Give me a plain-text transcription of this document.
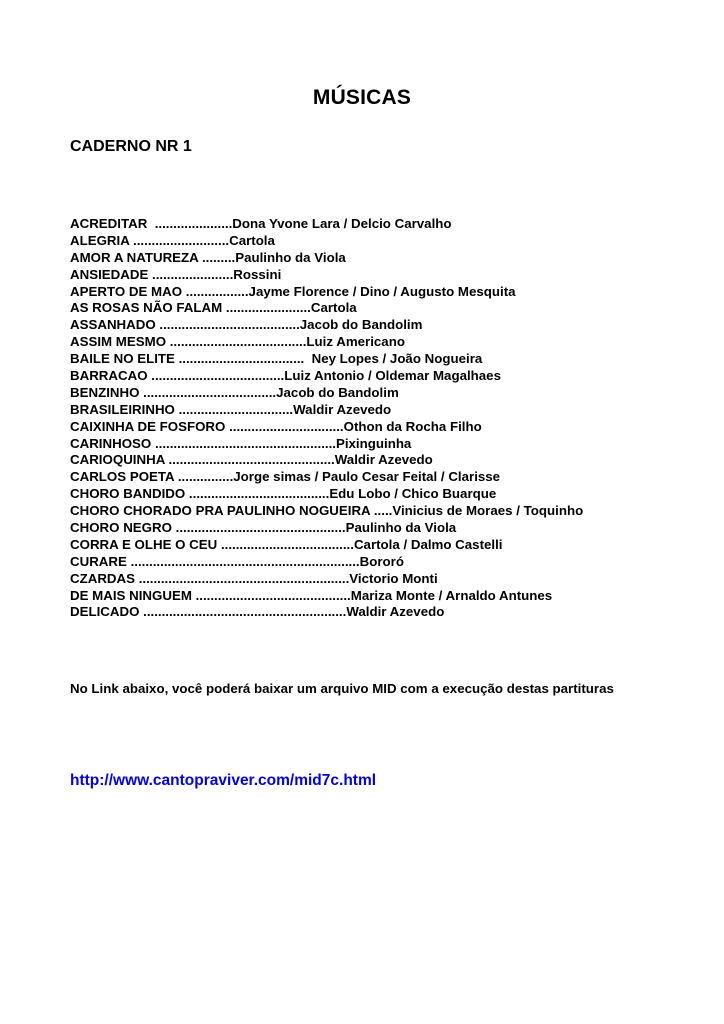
MÚSICAS
CADERNO NR 1
ACREDITAR  .....................Dona Yvone Lara / Delcio Carvalho
ALEGRIA ..........................Cartola
AMOR A NATUREZA .........Paulinho da Viola
ANSIEDADE ......................Rossini
APERTO DE MAO .................Jayme Florence / Dino / Augusto Mesquita
AS ROSAS NÃO FALAM .......................Cartola
ASSANHADO ......................................Jacob do Bandolim
ASSIM MESMO .....................................Luiz Americano
BAILE NO ELITE ..................................  Ney Lopes / João Nogueira
BARRACAO ....................................Luiz Antonio / Oldemar Magalhaes
BENZINHO ....................................Jacob do Bandolim
BRASILEIRINHO ...............................Waldir Azevedo
CAIXINHA DE FOSFORO ...............................Othon da Rocha Filho
CARINHOSO .................................................Pixinguinha
CARIOQUINHA .............................................Waldir Azevedo
CARLOS POETA ...............Jorge simas / Paulo Cesar Feital / Clarisse
CHORO BANDIDO ......................................Edu Lobo / Chico Buarque
CHORO CHORADO PRA PAULINHO NOGUEIRA .....Vinicius de Moraes / Toquinho
CHORO NEGRO ..............................................Paulinho da Viola
CORRA E OLHE O CEU ....................................Cartola / Dalmo Castelli
CURARE ..............................................................Bororó
CZARDAS .........................................................Victorio Monti
DE MAIS NINGUEM ..........................................Mariza Monte / Arnaldo Antunes
DELICADO .......................................................Waldir Azevedo
No Link abaixo, você poderá baixar um arquivo MID com a execução destas partituras
http://www.cantopraviver.com/mid7c.html
